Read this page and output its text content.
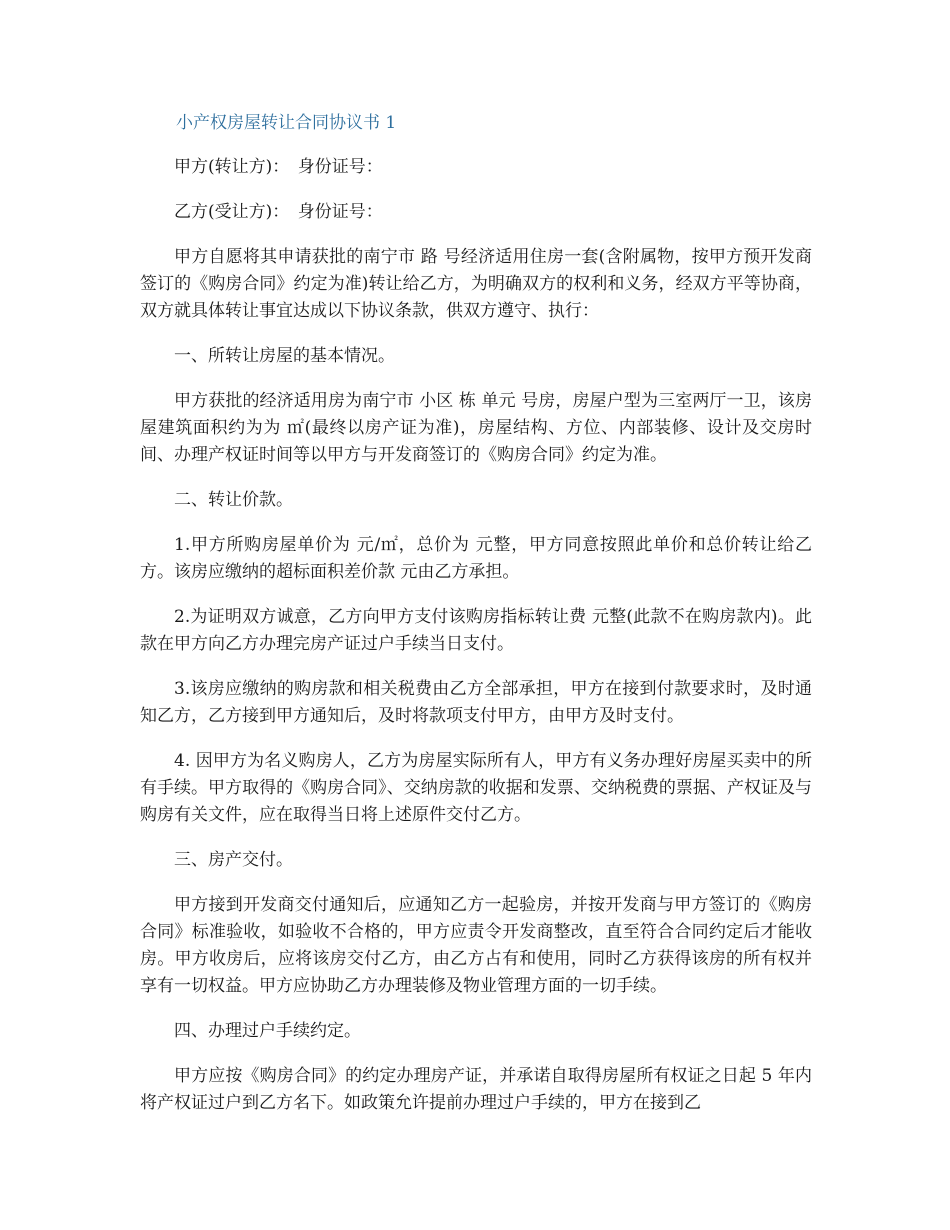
小产权房屋转让合同协议书 1

甲方(转让方)：　身份证号：

乙方(受让方)：　身份证号：

甲方自愿将其申请获批的南宁市 路 号经济适用住房一套(含附属物，按甲方预开发商签订的《购房合同》约定为准)转让给乙方，为明确双方的权利和义务，经双方平等协商，双方就具体转让事宜达成以下协议条款，供双方遵守、执行：

一、所转让房屋的基本情况。

甲方获批的经济适用房为南宁市 小区 栋 单元 号房，房屋户型为三室两厅一卫，该房屋建筑面积约为为 ㎡(最终以房产证为准)，房屋结构、方位、内部装修、设计及交房时间、办理产权证时间等以甲方与开发商签订的《购房合同》约定为准。

二、转让价款。

1.甲方所购房屋单价为 元/㎡，总价为 元整，甲方同意按照此单价和总价转让给乙方。该房应缴纳的超标面积差价款 元由乙方承担。

2.为证明双方诚意，乙方向甲方支付该购房指标转让费 元整(此款不在购房款内)。此款在甲方向乙方办理完房产证过户手续当日支付。

3.该房应缴纳的购房款和相关税费由乙方全部承担，甲方在接到付款要求时，及时通知乙方，乙方接到甲方通知后，及时将款项支付甲方，由甲方及时支付。

4. 因甲方为名义购房人，乙方为房屋实际所有人，甲方有义务办理好房屋买卖中的所有手续。甲方取得的《购房合同》、交纳房款的收据和发票、交纳税费的票据、产权证及与购房有关文件，应在取得当日将上述原件交付乙方。

三、房产交付。

甲方接到开发商交付通知后，应通知乙方一起验房，并按开发商与甲方签订的《购房合同》标准验收，如验收不合格的，甲方应责令开发商整改，直至符合合同约定后才能收房。甲方收房后，应将该房交付乙方，由乙方占有和使用，同时乙方获得该房的所有权并享有一切权益。甲方应协助乙方办理装修及物业管理方面的一切手续。

四、办理过户手续约定。

甲方应按《购房合同》的约定办理房产证，并承诺自取得房屋所有权证之日起 5 年内将产权证过户到乙方名下。如政策允许提前办理过户手续的，甲方在接到乙
